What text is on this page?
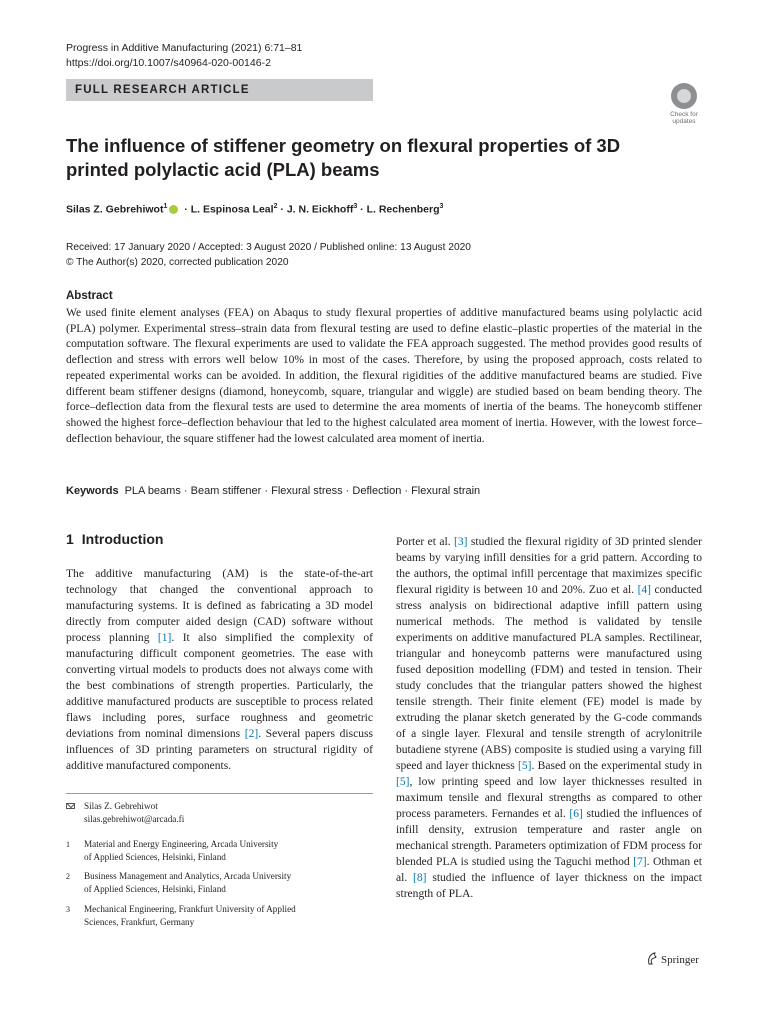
Progress in Additive Manufacturing (2021) 6:71–81
https://doi.org/10.1007/s40964-020-00146-2
FULL RESEARCH ARTICLE
Check for
updates
The influence of stiffener geometry on flexural properties of 3D
printed polylactic acid (PLA) beams
Silas Z. Gebrehiwot$^1$ · L. Espinosa Leal$^2$ · J. N. Eickhoff$^3$ · L. Rechenberg$^3$
Received: 17 January 2020 / Accepted: 3 August 2020 / Published online: 13 August 2020
© The Author(s) 2020, corrected publication 2020
Abstract
We used finite element analyses (FEA) on Abaqus to study flexural properties of additive manufactured beams using polylactic acid (PLA) polymer. Experimental stress–strain data from flexural testing are used to define elastic–plastic properties of the material in the computation software. The flexural experiments are used to validate the FEA approach suggested. The method provides good results of deflection and stress with errors well below 10% in most of the cases. Therefore, by using the proposed approach, costs related to repeated experimental works can be avoided. In addition, the flexural rigidities of the additive manufactured beams are studied. Five different beam stiffener designs (diamond, honeycomb, square, triangular and wiggle) are studied based on beam bending theory. The force–deflection data from the flexural tests are used to determine the area moments of inertia of the beams. The honeycomb stiffener showed the highest force–deflection behaviour that led to the highest calculated area moment of inertia. However, with the lowest force–deflection behaviour, the square stiffener had the lowest calculated area moment of inertia.
Keywords PLA beams · Beam stiffener · Flexural stress · Deflection · Flexural strain
1 Introduction
The additive manufacturing (AM) is the state-of-the-art technology that changed the conventional approach to manufacturing systems. It is defined as fabricating a 3D model directly from computer aided design (CAD) software without process planning [1]. It also simplified the complexity of manufacturing difficult component geometries. The ease with converting virtual models to products does not always come with the best combinations of strength properties. Particularly, the additive manufactured products are susceptible to process related flaws including pores, surface roughness and geometric deviations from nominal dimensions [2]. Several papers discuss influences of 3D printing parameters on structural rigidity of additive manufactured components.
Porter et al. [3] studied the flexural rigidity of 3D printed slender beams by varying infill densities for a grid pattern. According to the authors, the optimal infill percentage that maximizes specific flexural rigidity is between 10 and 20%. Zuo et al. [4] conducted stress analysis on bidirectional adaptive infill pattern using numerical methods. The method is validated by tensile experiments on additive manufactured PLA samples. Rectilinear, triangular and honeycomb patterns were manufactured using fused deposition modelling (FDM) and tested in tension. Their study concludes that the triangular patters showed the highest tensile strength. Their finite element (FE) model is made by extruding the planar sketch generated by the G-code commands of a single layer. Flexural and tensile strength of acrylonitrile butadiene styrene (ABS) composite is studied using a varying fill speed and layer thickness [5]. Based on the experimental study in [5], low printing speed and low layer thicknesses resulted in maximum tensile and flexural strengths as compared to other process parameters. Fernandes et al. [6] studied the influences of infill density, extrusion temperature and raster angle on mechanical strength. Parameters optimization of FDM process for blended PLA is studied using the Taguchi method [7]. Othman et al. [8] studied the influence of layer thickness on the impact strength of PLA.
Silas Z. Gebrehiwot
silas.gebrehiwot@arcada.fi
1 Material and Energy Engineering, Arcada University
of Applied Sciences, Helsinki, Finland
2 Business Management and Analytics, Arcada University
of Applied Sciences, Helsinki, Finland
3 Mechanical Engineering, Frankfurt University of Applied
Sciences, Frankfurt, Germany
Springer
